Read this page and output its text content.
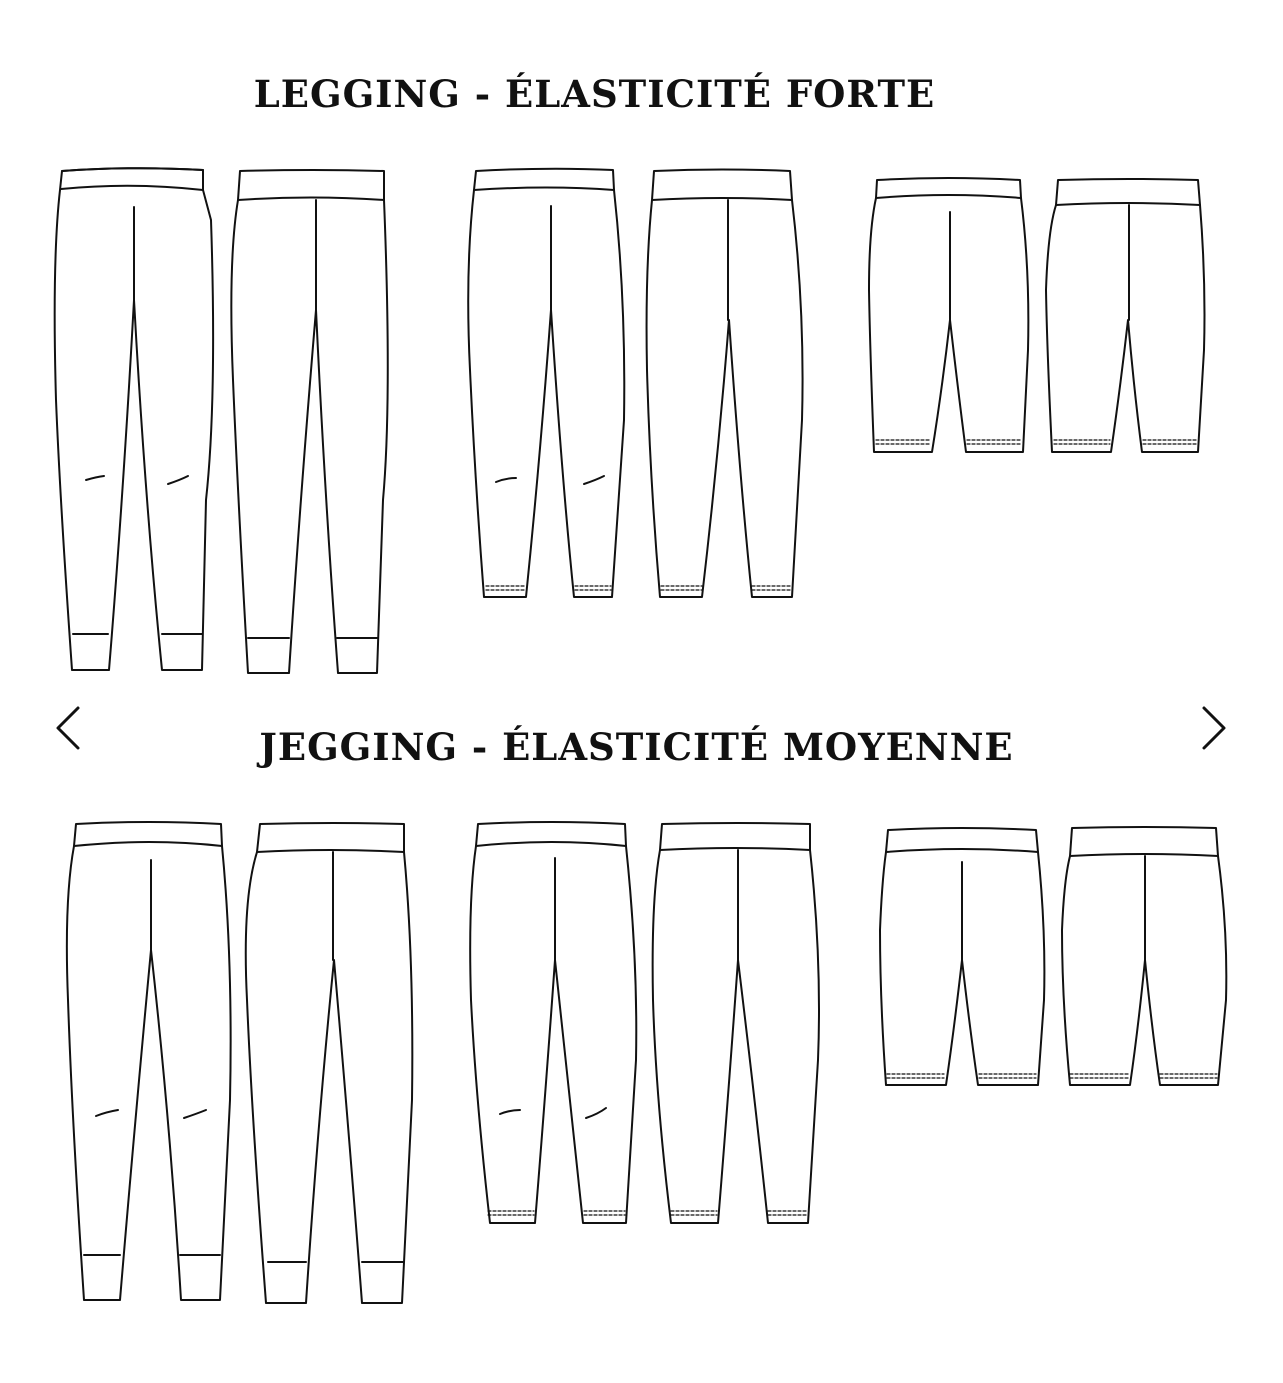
LEGGING - ÉLASTICITÉ FORTE
JEGGING - ÉLASTICITÉ MOYENNE
